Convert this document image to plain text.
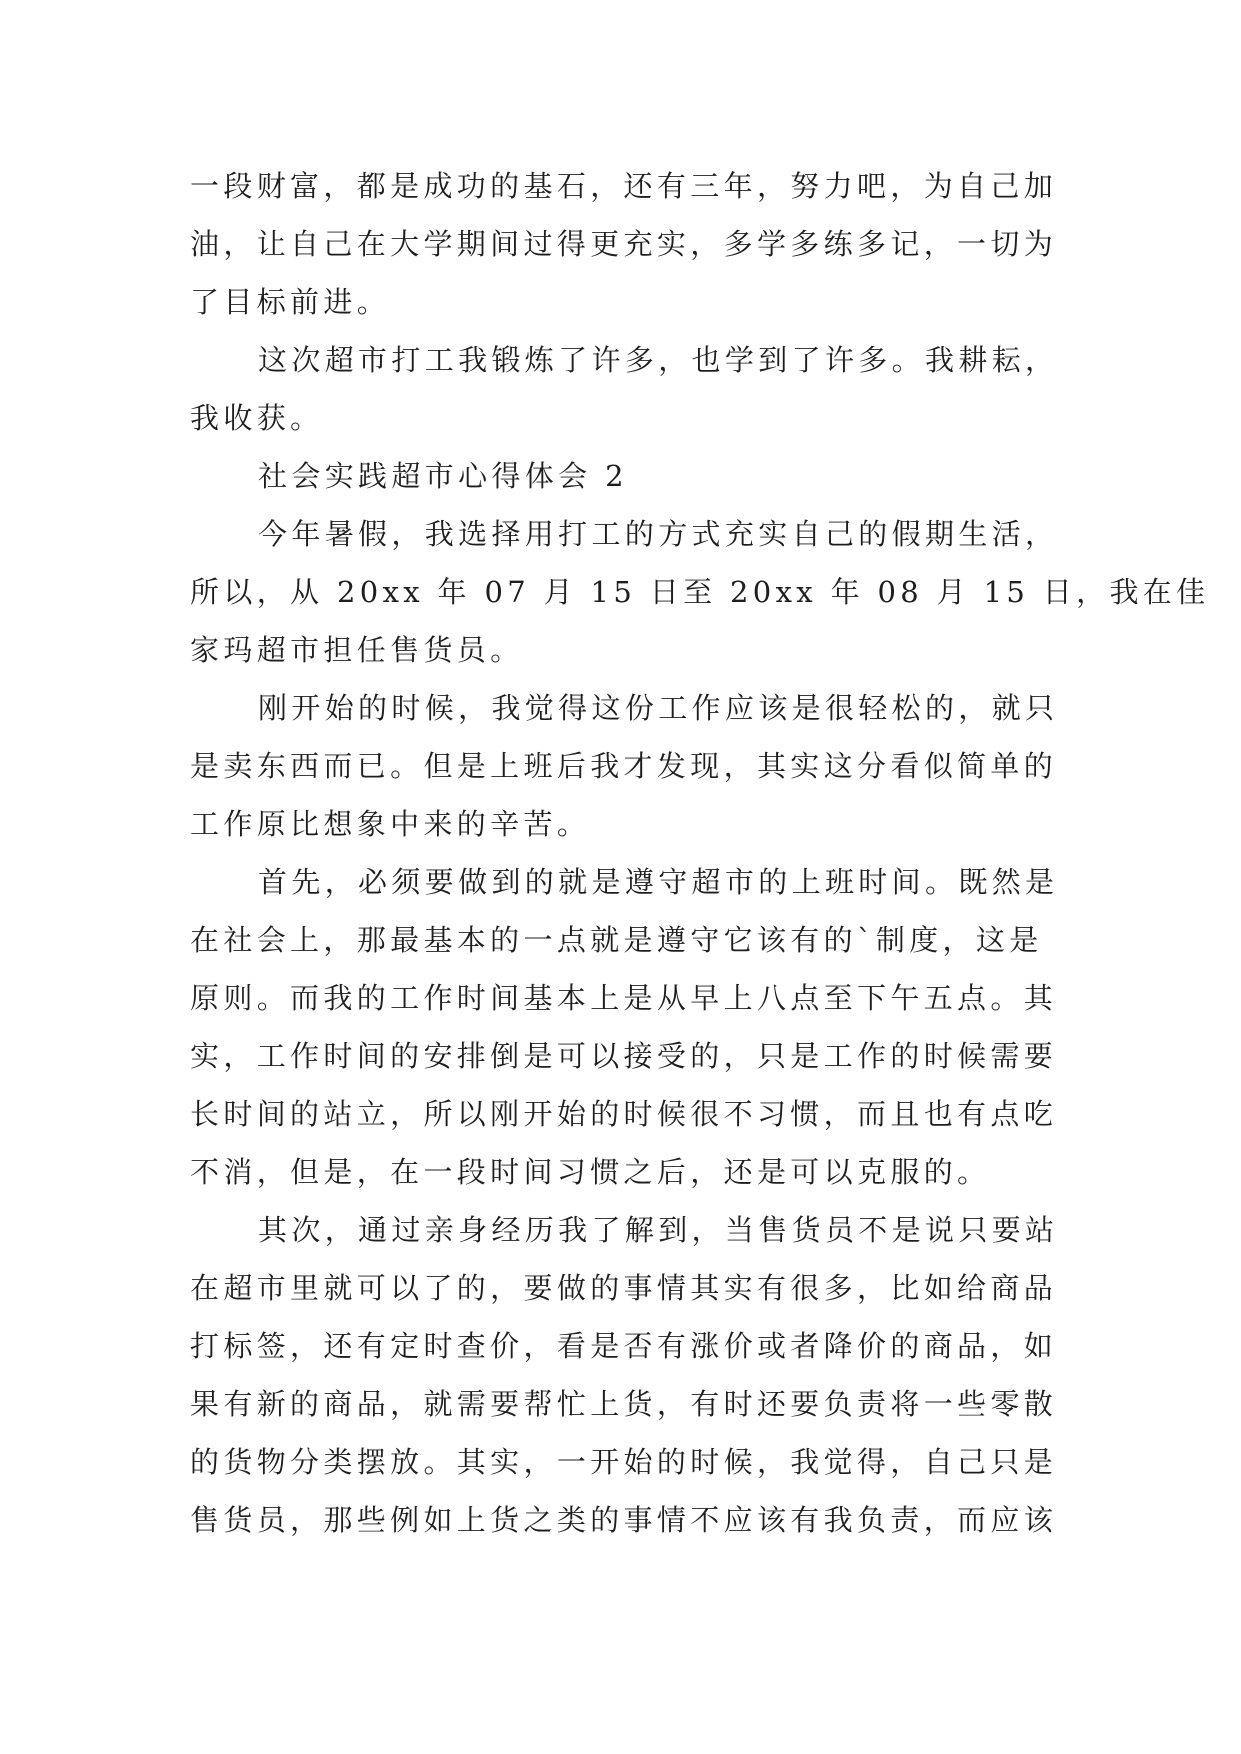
一段财富，都是成功的基石，还有三年，努力吧，为自己加
油，让自己在大学期间过得更充实，多学多练多记，一切为
了目标前进。
这次超市打工我锻炼了许多，也学到了许多。我耕耘，
我收获。
社会实践超市心得体会 2
今年暑假，我选择用打工的方式充实自己的假期生活，
所以，从 20xx 年 07 月 15 日至 20xx 年 08 月 15 日，我在佳
家玛超市担任售货员。
刚开始的时候，我觉得这份工作应该是很轻松的，就只
是卖东西而已。但是上班后我才发现，其实这分看似简单的
工作原比想象中来的辛苦。
首先，必须要做到的就是遵守超市的上班时间。既然是
在社会上，那最基本的一点就是遵守它该有的`制度，这是
原则。而我的工作时间基本上是从早上八点至下午五点。其
实，工作时间的安排倒是可以接受的，只是工作的时候需要
长时间的站立，所以刚开始的时候很不习惯，而且也有点吃
不消，但是，在一段时间习惯之后，还是可以克服的。
其次，通过亲身经历我了解到，当售货员不是说只要站
在超市里就可以了的，要做的事情其实有很多，比如给商品
打标签，还有定时查价，看是否有涨价或者降价的商品，如
果有新的商品，就需要帮忙上货，有时还要负责将一些零散
的货物分类摆放。其实，一开始的时候，我觉得，自己只是
售货员，那些例如上货之类的事情不应该有我负责，而应该
